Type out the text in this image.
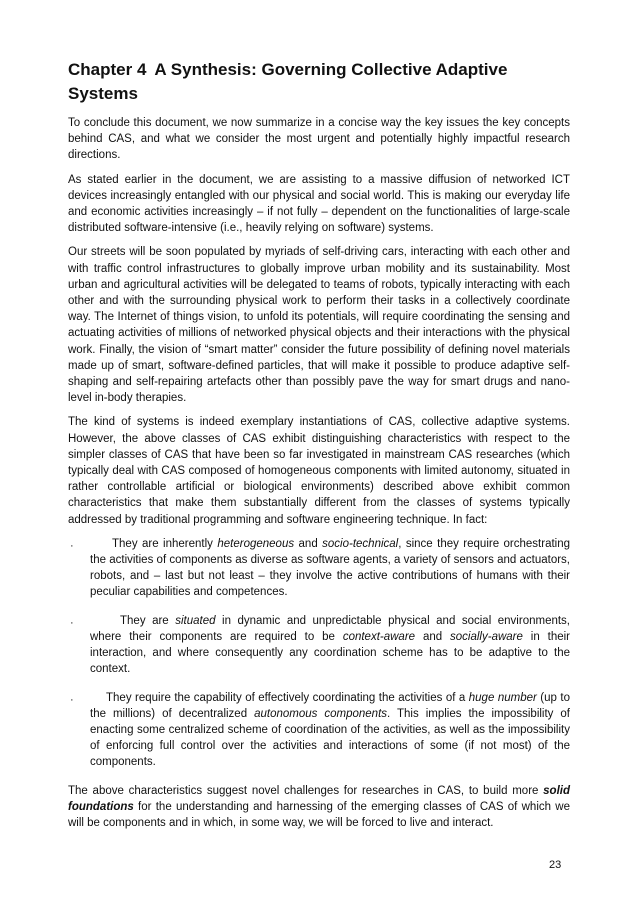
Chapter 4 A Synthesis: Governing Collective Adaptive Systems

To conclude this document, we now summarize in a concise way the key issues the key concepts behind CAS, and what we consider the most urgent and potentially highly impactful research directions.

As stated earlier in the document, we are assisting to a massive diffusion of networked ICT devices increasingly entangled with our physical and social world. This is making our everyday life and economic activities increasingly – if not fully – dependent on the functionalities of large-scale distributed software-intensive (i.e., heavily relying on software) systems.

Our streets will be soon populated by myriads of self-driving cars, interacting with each other and with traffic control infrastructures to globally improve urban mobility and its sustainability. Most urban and agricultural activities will be delegated to teams of robots, typically interacting with each other and with the surrounding physical work to perform their tasks in a collectively coordinate way. The Internet of things vision, to unfold its potentials, will require coordinating the sensing and actuating activities of millions of networked physical objects and their interactions with the physical work. Finally, the vision of “smart matter” consider the future possibility of defining novel materials made up of smart, software-defined particles, that will make it possible to produce adaptive self-shaping and self-repairing artefacts other than possibly pave the way for smart drugs and nano-level in-body therapies.

The kind of systems is indeed exemplary instantiations of CAS, collective adaptive systems. However, the above classes of CAS exhibit distinguishing characteristics with respect to the simpler classes of CAS that have been so far investigated in mainstream CAS researches (which typically deal with CAS composed of homogeneous components with limited autonomy, situated in rather controllable artificial or biological environments) described above exhibit common characteristics that make them substantially different from the classes of systems typically addressed by traditional programming and software engineering technique. In fact:

·	They are inherently heterogeneous and socio-technical, since they require orchestrating the activities of components as diverse as software agents, a variety of sensors and actuators, robots, and – last but not least – they involve the active contributions of humans with their peculiar capabilities and competences.

·	They are situated in dynamic and unpredictable physical and social environments, where their components are required to be context-aware and socially-aware in their interaction, and where consequently any coordination scheme has to be adaptive to the context.

·	They require the capability of effectively coordinating the activities of a huge number (up to the millions) of decentralized autonomous components. This implies the impossibility of enacting some centralized scheme of coordination of the activities, as well as the impossibility of enforcing full control over the activities and interactions of some (if not most) of the components.

The above characteristics suggest novel challenges for researches in CAS, to build more solid foundations for the understanding and harnessing of the emerging classes of CAS of which we will be components and in which, in some way, we will be forced to live and interact.

23
